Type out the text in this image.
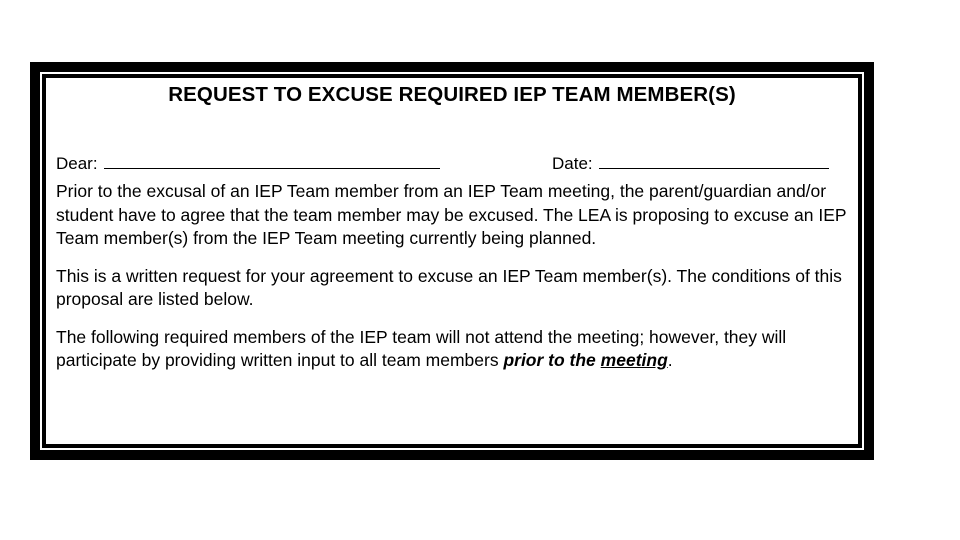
REQUEST TO EXCUSE REQUIRED IEP TEAM MEMBER(S)
Dear:	Date:

Prior to the excusal of an IEP Team member from an IEP Team meeting, the parent/guardian and/or student have to agree that the team member may be excused. The LEA is proposing to excuse an IEP Team member(s) from the IEP Team meeting currently being planned.

This is a written request for your agreement to excuse an IEP Team member(s). The conditions of this proposal are listed below.

The following required members of the IEP team will not attend the meeting; however, they will participate by providing written input to all team members prior to the meeting.
